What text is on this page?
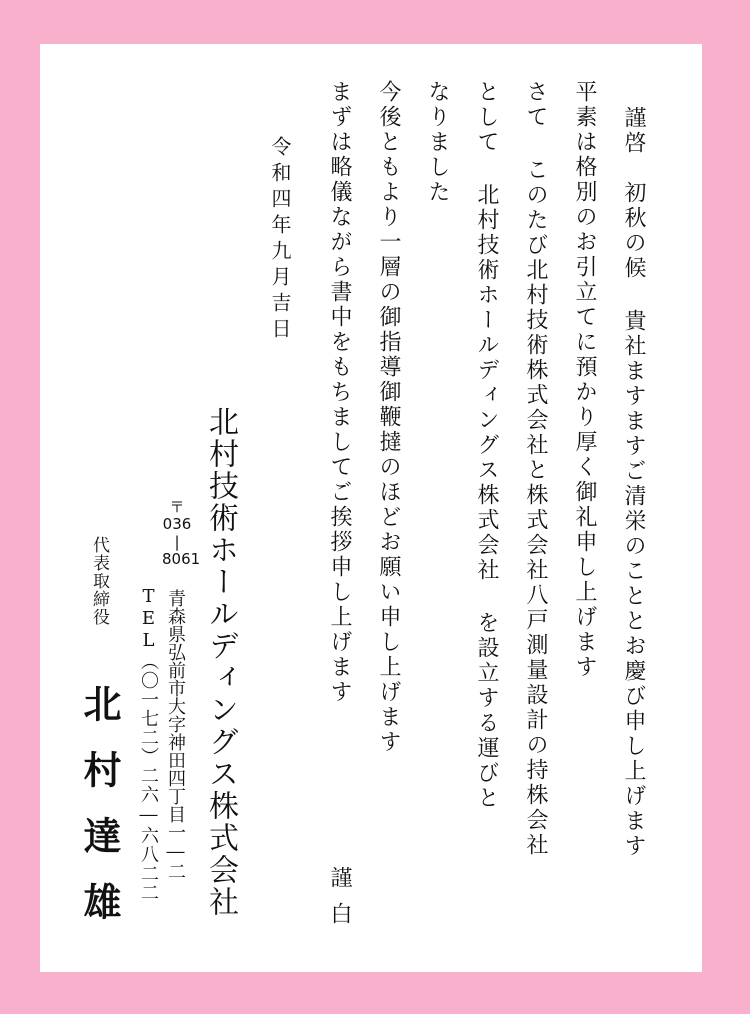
謹啓　初秋の候 貴社ますますご清栄のこととお慶び申し上げます
平素は格別のお引立てに預かり厚く御礼申し上げます
さて このたび北村技術株式会社と株式会社八戸測量設計の持株会社
として 北村技術ホールディングス株式会社 を設立する運びと
なりました
今後ともより一層の御指導御鞭撻のほどお願い申し上げます
まずは略儀ながら書中をもちましてご挨拶申し上げます
謹白
令和四年九月吉日
北村技術ホールディングス株式会社
〒
036
|
8061
青森県弘前市大字神田四丁目一―二
TEL（〇一七二）二六―六八二二
代表取締役
北村達雄
